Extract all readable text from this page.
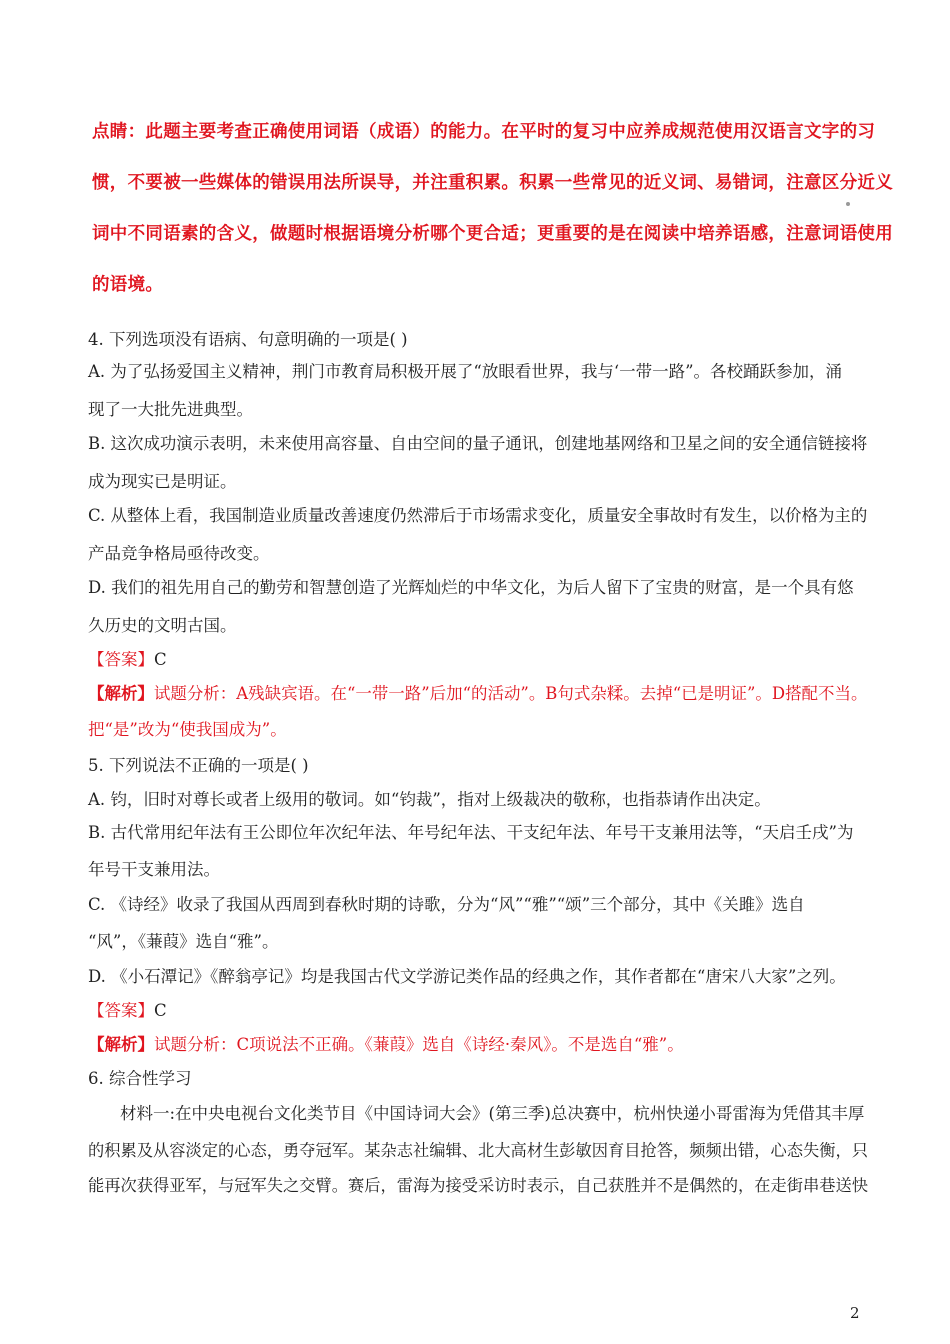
点睛：此题主要考查正确使用词语（成语）的能力。在平时的复习中应养成规范使用汉语言文字的习
惯，不要被一些媒体的错误用法所误导，并注重积累。积累一些常见的近义词、易错词，注意区分近义
词中不同语素的含义，做题时根据语境分析哪个更合适；更重要的是在阅读中培养语感，注意词语使用
的语境。
4. 下列选项没有语病、句意明确的一项是( )
A. 为了弘扬爱国主义精神，荆门市教育局积极开展了“放眼看世界，我与‘一带一路”。各校踊跃参加，涌
现了一大批先进典型。
B. 这次成功演示表明，未来使用高容量、自由空间的量子通讯，创建地基网络和卫星之间的安全通信链接将
成为现实已是明证。
C. 从整体上看，我国制造业质量改善速度仍然滞后于市场需求变化，质量安全事故时有发生，以价格为主的
产品竞争格局亟待改变。
D. 我们的祖先用自己的勤劳和智慧创造了光辉灿烂的中华文化，为后人留下了宝贵的财富，是一个具有悠
久历史的文明古国。
【答案】C
【解析】试题分析：A残缺宾语。在“一带一路”后加“的活动”。B句式杂糅。去掉“已是明证”。D搭配不当。
把“是”改为“使我国成为”。
5. 下列说法不正确的一项是( )
A. 钧，旧时对尊长或者上级用的敬词。如“钧裁”，指对上级裁决的敬称，也指恭请作出决定。
B. 古代常用纪年法有王公即位年次纪年法、年号纪年法、干支纪年法、年号干支兼用法等，“天启壬戌”为
年号干支兼用法。
C. 《诗经》收录了我国从西周到春秋时期的诗歌，分为“风”“雅”“颂”三个部分，其中《关雎》选自
“风”，《蒹葭》选自“雅”。
D. 《小石潭记》《醉翁亭记》均是我国古代文学游记类作品的经典之作，其作者都在“唐宋八大家”之列。
【答案】C
【解析】试题分析：C项说法不正确。《蒹葭》选自《诗经·秦风》。不是选自“雅”。
6. 综合性学习
材料一:在中央电视台文化类节目《中国诗词大会》(第三季)总决赛中，杭州快递小哥雷海为凭借其丰厚
的积累及从容淡定的心态，勇夺冠军。某杂志社编辑、北大高材生彭敏因育目抢答，频频出错，心态失衡，只
能再次获得亚军，与冠军失之交臂。赛后，雷海为接受采访时表示，自己获胜并不是偶然的，在走街串巷送快
2
